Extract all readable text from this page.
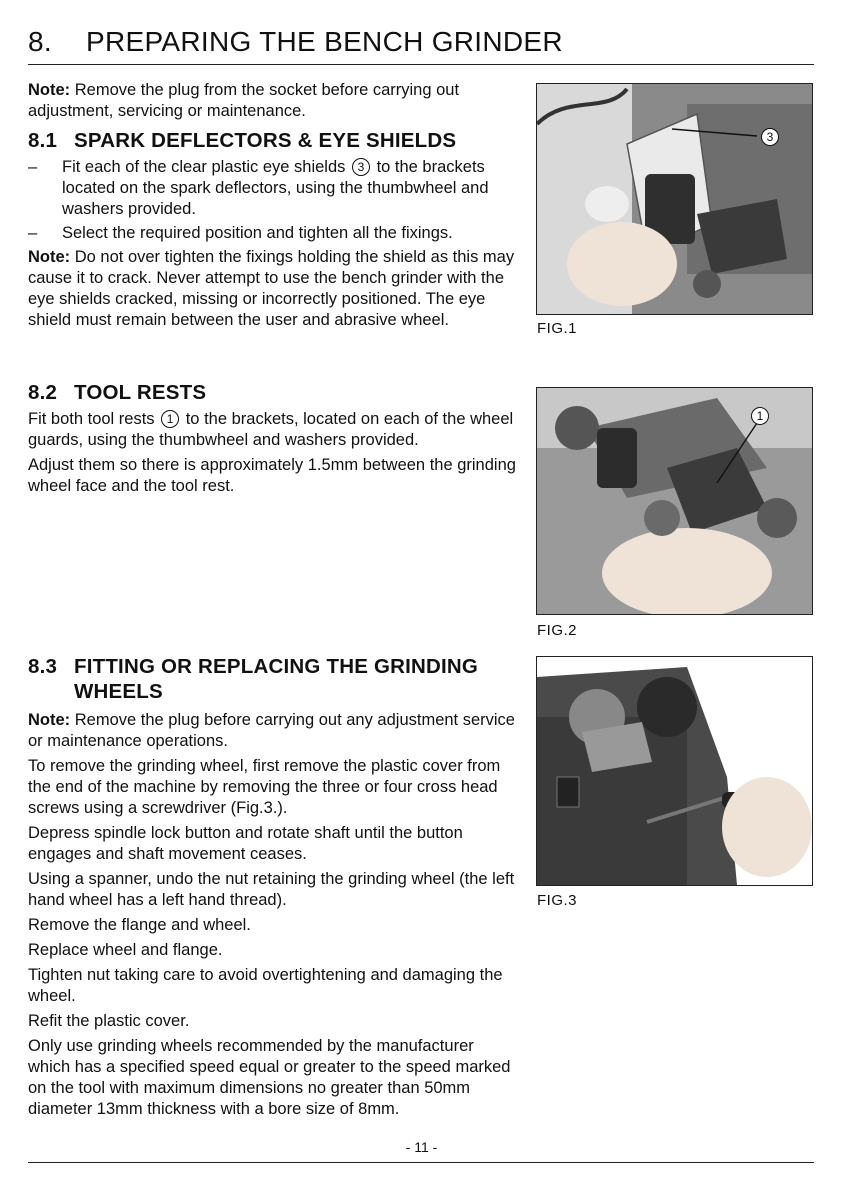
8. PREPARING THE BENCH GRINDER

Note: Remove the plug from the socket before carrying out adjustment, servicing or maintenance.

8.1 SPARK DEFLECTORS & EYE SHIELDS
– Fit each of the clear plastic eye shields 3 to the brackets located on the spark deflectors, using the thumbwheel and washers provided.
– Select the required position and tighten all the fixings.

Note: Do not over tighten the fixings holding the shield as this may cause it to crack. Never attempt to use the bench grinder with the eye shields cracked, missing or incorrectly positioned. The eye shield must remain between the user and abrasive wheel.

8.2 TOOL RESTS

Fit both tool rests 1 to the brackets, located on each of the wheel guards, using the thumbwheel and washers provided.

Adjust them so there is approximately 1.5mm between the grinding wheel face and the tool rest.

8.3 FITTING OR REPLACING THE GRINDING
WHEELS

Note: Remove the plug before carrying out any adjustment service or maintenance operations.

To remove the grinding wheel, first remove the plastic cover from the end of the machine by removing the three or four cross head screws using a screwdriver (Fig.3.).

Depress spindle lock button and rotate shaft until the button engages and shaft movement ceases.

Using a spanner, undo the nut retaining the grinding wheel (the left hand wheel has a left hand thread).

Remove the flange and wheel.

Replace wheel and flange.

Tighten nut taking care to avoid overtightening and damaging the wheel.

Refit the plastic cover.

Only use grinding wheels recommended by the manufacturer which has a specified speed equal or greater to the speed marked on the tool with maximum dimensions no greater than 50mm diameter 13mm thickness with a bore size of 8mm.

3
FIG.1
1
FIG.2
FIG.3
- 11 -
